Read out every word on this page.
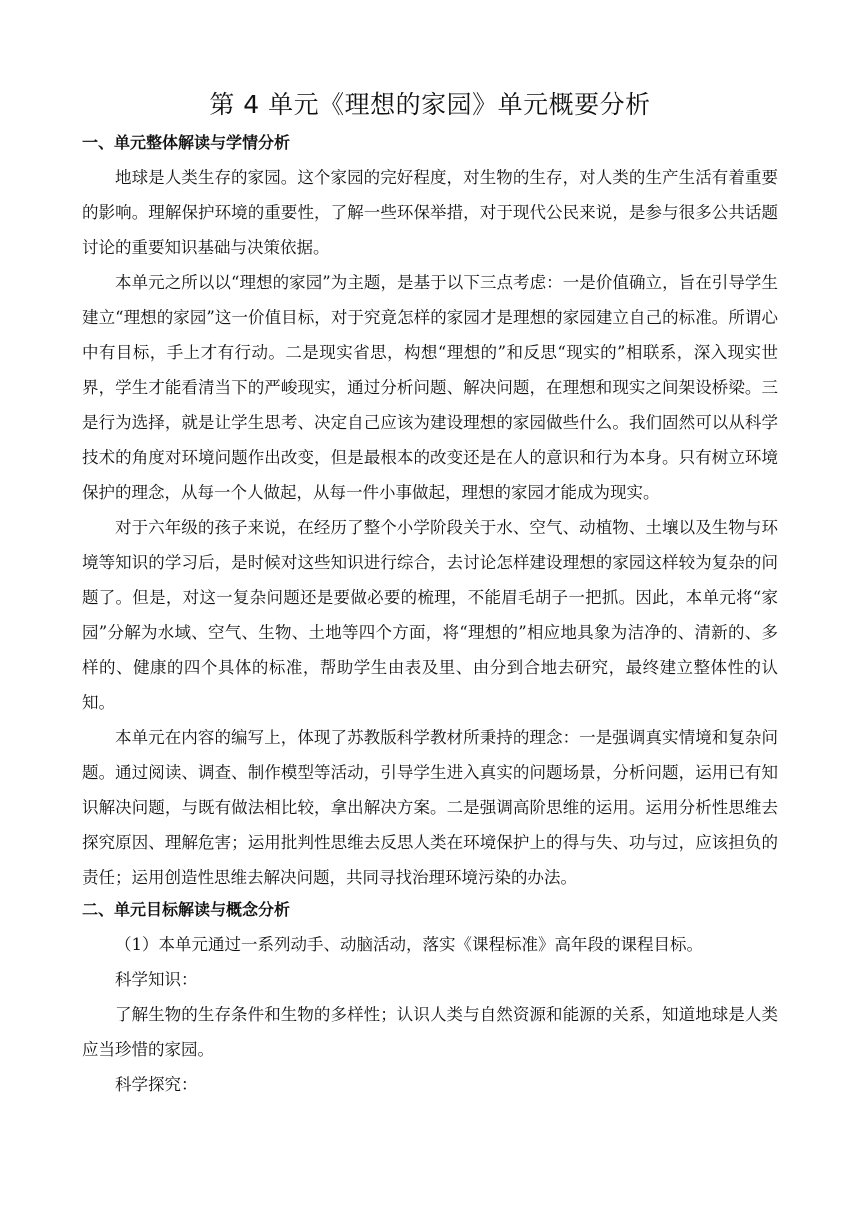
第 4 单元《理想的家园》单元概要分析
一、单元整体解读与学情分析

地球是人类生存的家园。这个家园的完好程度，对生物的生存，对人类的生产生活有着重要的影响。理解保护环境的重要性，了解一些环保举措，对于现代公民来说，是参与很多公共话题讨论的重要知识基础与决策依据。

本单元之所以以“理想的家园”为主题，是基于以下三点考虑：一是价值确立，旨在引导学生建立“理想的家园”这一价值目标，对于究竟怎样的家园才是理想的家园建立自己的标准。所谓心中有目标，手上才有行动。二是现实省思，构想“理想的”和反思“现实的”相联系，深入现实世界，学生才能看清当下的严峻现实，通过分析问题、解决问题，在理想和现实之间架设桥梁。三是行为选择，就是让学生思考、决定自己应该为建设理想的家园做些什么。我们固然可以从科学技术的角度对环境问题作出改变，但是最根本的改变还是在人的意识和行为本身。只有树立环境保护的理念，从每一个人做起，从每一件小事做起，理想的家园才能成为现实。

对于六年级的孩子来说，在经历了整个小学阶段关于水、空气、动植物、土壤以及生物与环境等知识的学习后，是时候对这些知识进行综合，去讨论怎样建设理想的家园这样较为复杂的问题了。但是，对这一复杂问题还是要做必要的梳理，不能眉毛胡子一把抓。因此，本单元将“家园”分解为水域、空气、生物、土地等四个方面，将“理想的”相应地具象为洁净的、清新的、多样的、健康的四个具体的标准，帮助学生由表及里、由分到合地去研究，最终建立整体性的认知。

本单元在内容的编写上，体现了苏教版科学教材所秉持的理念：一是强调真实情境和复杂问题。通过阅读、调查、制作模型等活动，引导学生进入真实的问题场景，分析问题，运用已有知识解决问题，与既有做法相比较，拿出解决方案。二是强调高阶思维的运用。运用分析性思维去探究原因、理解危害；运用批判性思维去反思人类在环境保护上的得与失、功与过，应该担负的责任；运用创造性思维去解决问题，共同寻找治理环境污染的办法。

二、单元目标解读与概念分析

（1）本单元通过一系列动手、动脑活动，落实《课程标准》高年段的课程目标。

科学知识：

了解生物的生存条件和生物的多样性；认识人类与自然资源和能源的关系，知道地球是人类应当珍惜的家园。

科学探究：
